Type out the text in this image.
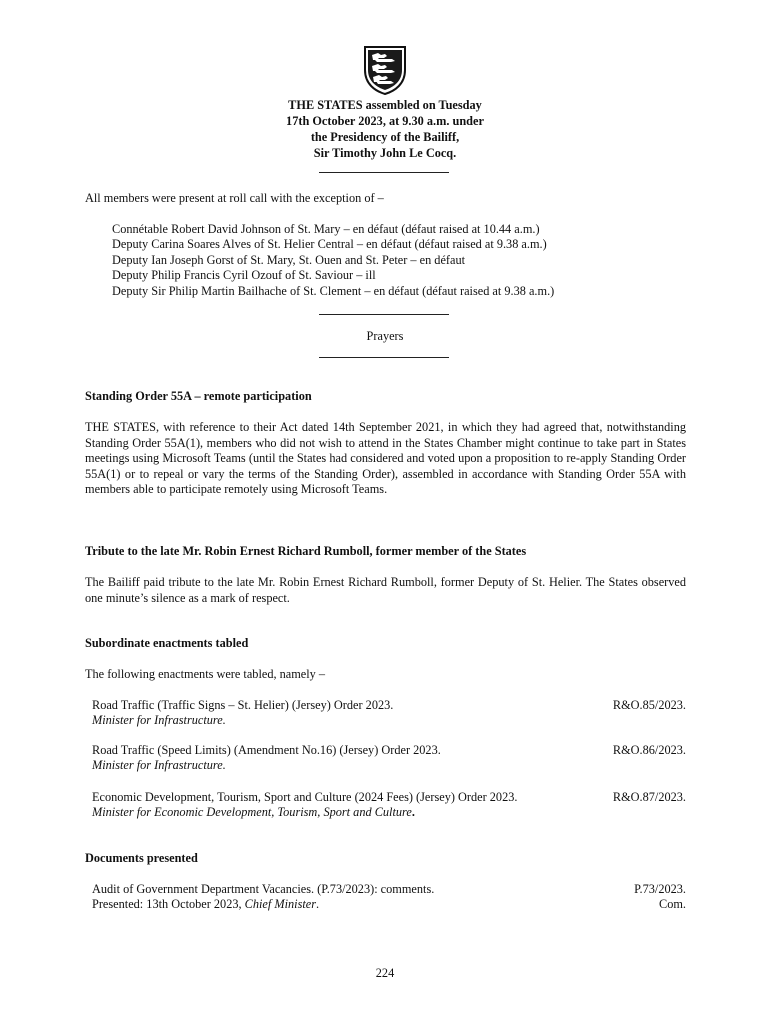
THE STATES assembled on Tuesday
17th October 2023, at 9.30 a.m. under
the Presidency of the Bailiff,
Sir Timothy John Le Cocq.
All members were present at roll call with the exception of –
Connétable Robert David Johnson of St. Mary – en défaut (défaut raised at 10.44 a.m.)
Deputy Carina Soares Alves of St. Helier Central – en défaut (défaut raised at 9.38 a.m.)
Deputy Ian Joseph Gorst of St. Mary, St. Ouen and St. Peter – en défaut
Deputy Philip Francis Cyril Ozouf of St. Saviour – ill
Deputy Sir Philip Martin Bailhache of St. Clement – en défaut (défaut raised at 9.38 a.m.)
Prayers
Standing Order 55A – remote participation
THE STATES, with reference to their Act dated 14th September 2021, in which they had agreed that, notwithstanding Standing Order 55A(1), members who did not wish to attend in the States Chamber might continue to take part in States meetings using Microsoft Teams (until the States had considered and voted upon a proposition to re-apply Standing Order 55A(1) or to repeal or vary the terms of the Standing Order), assembled in accordance with Standing Order 55A with members able to participate remotely using Microsoft Teams.
Tribute to the late Mr. Robin Ernest Richard Rumboll, former member of the States
The Bailiff paid tribute to the late Mr. Robin Ernest Richard Rumboll, former Deputy of St. Helier. The States observed one minute’s silence as a mark of respect.
Subordinate enactments tabled
The following enactments were tabled, namely –
Road Traffic (Traffic Signs – St. Helier) (Jersey) Order 2023.
Minister for Infrastructure.
R&O.85/2023.
Road Traffic (Speed Limits) (Amendment No.16) (Jersey) Order 2023.
Minister for Infrastructure.
R&O.86/2023.
Economic Development, Tourism, Sport and Culture (2024 Fees) (Jersey) Order 2023.
Minister for Economic Development, Tourism, Sport and Culture.
R&O.87/2023.
Documents presented
Audit of Government Department Vacancies. (P.73/2023): comments.
Presented: 13th October 2023, Chief Minister.
P.73/2023.
Com.
224
